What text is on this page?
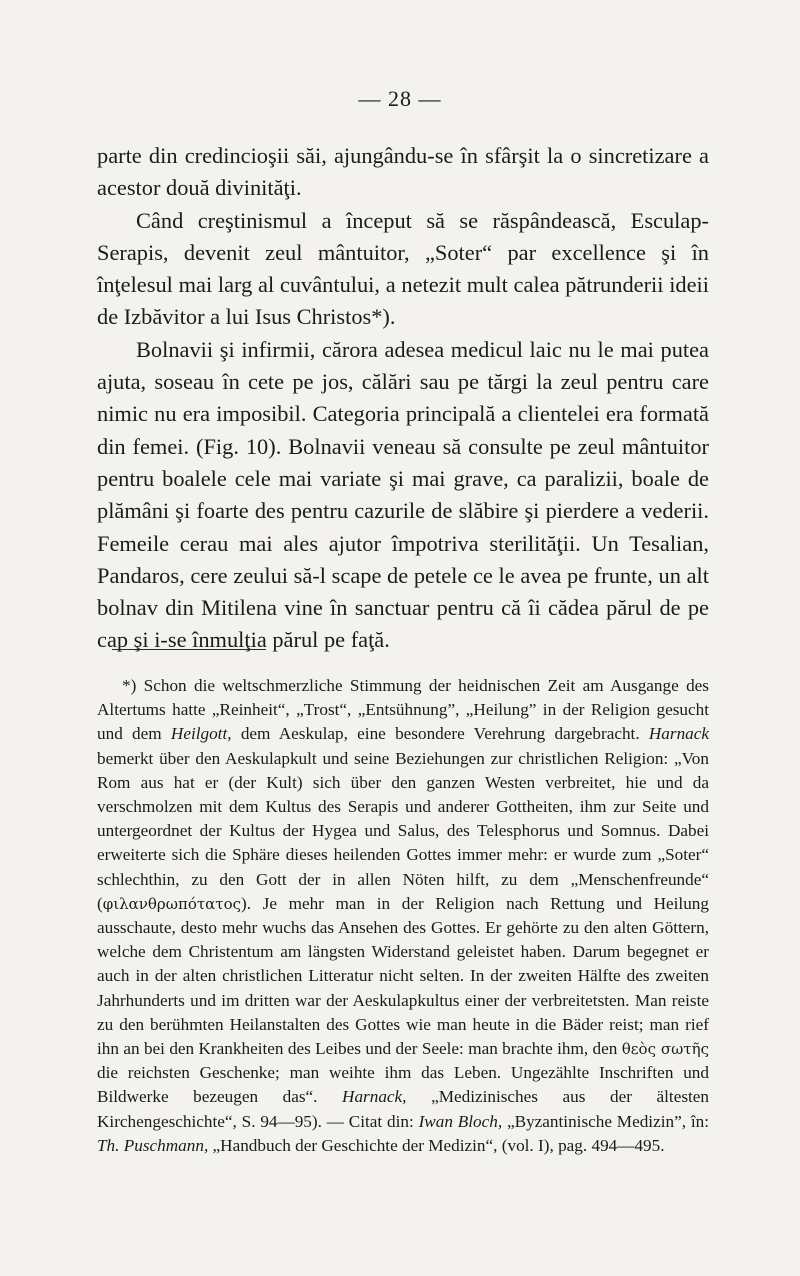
— 28 —

parte din credincioşii săi, ajungându-se în sfârşit la o sincretizare a acestor două divinităţi.

Când creştinismul a început să se răspândească, Esculap-Serapis, devenit zeul mântuitor, „Soter“ par excellence şi în înţelesul mai larg al cuvântului, a netezit mult calea pătrunderii ideii de Izbăvitor a lui Isus Christos*).

Bolnavii şi infirmii, cărora adesea medicul laic nu le mai putea ajuta, soseau în cete pe jos, călări sau pe tărgi la zeul pentru care nimic nu era imposibil. Categoria principală a clientelei era formată din femei. (Fig. 10). Bolnavii veneau să consulte pe zeul mântuitor pentru boalele cele mai variate şi mai grave, ca paralizii, boale de plămâni şi foarte des pentru cazurile de slăbire şi pierdere a vederii. Femeile cerau mai ales ajutor împotriva sterilităţii. Un Tesalian, Pandaros, cere zeului să-l scape de petele ce le avea pe frunte, un alt bolnav din Mitilena vine în sanctuar pentru că îi cădea părul de pe cap şi i-se înmulţia părul pe faţă.

*) Schon die weltschmerzliche Stimmung der heidnischen Zeit am Ausgange des Altertums hatte „Reinheit“, „Trost“, „Entsühnung”, „Heilung” in der Religion gesucht und dem Heilgott, dem Aeskulap, eine besondere Verehrung dargebracht. Harnack bemerkt über den Aeskulapkult und seine Beziehungen zur christlichen Religion: „Von Rom aus hat er (der Kult) sich über den ganzen Westen verbreitet, hie und da verschmolzen mit dem Kultus des Serapis und anderer Gottheiten, ihm zur Seite und untergeordnet der Kultus der Hygea und Salus, des Telesphorus und Somnus. Dabei erweiterte sich die Sphäre dieses heilenden Gottes immer mehr: er wurde zum „Soter“ schlechthin, zu den Gott der in allen Nöten hilft, zu dem „Menschenfreunde“ (φιλανθρωπότατος). Je mehr man in der Religion nach Rettung und Heilung ausschaute, desto mehr wuchs das Ansehen des Gottes. Er gehörte zu den alten Göttern, welche dem Christentum am längsten Widerstand geleistet haben. Darum begegnet er auch in der alten christlichen Litteratur nicht selten. In der zweiten Hälfte des zweiten Jahrhunderts und im dritten war der Aeskulapkultus einer der verbreitetsten. Man reiste zu den berühmten Heilanstalten des Gottes wie man heute in die Bäder reist; man rief ihn an bei den Krankheiten des Leibes und der Seele: man brachte ihm, den θεὸς σωτῆς die reichsten Geschenke; man weihte ihm das Leben. Ungezählte Inschriften und Bildwerke bezeugen das“. Harnack, „Medizinisches aus der ältesten Kirchengeschichte“, S. 94—95). — Citat din: Iwan Bloch, „Byzantinische Medizin”, în: Th. Puschmann, „Handbuch der Geschichte der Medizin“, (vol. I), pag. 494—495.
